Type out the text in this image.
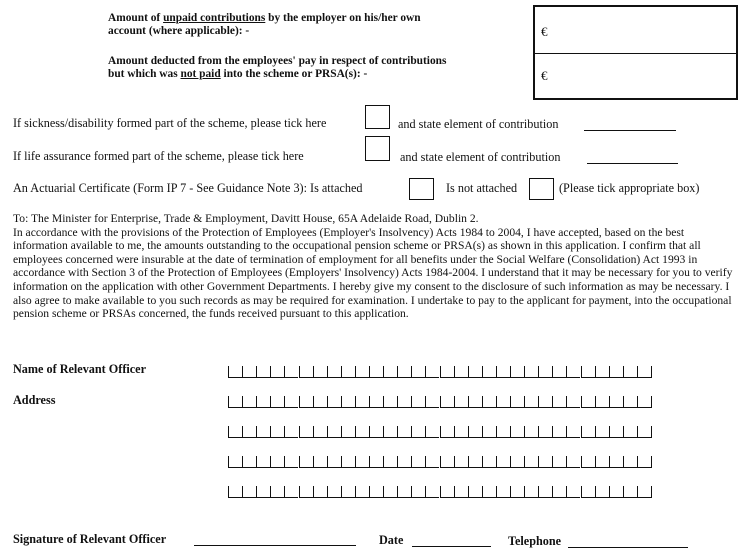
Amount of unpaid contributions by the employer on his/her own
account (where applicable): -
Amount deducted from the employees' pay in respect of contributions
but which was not paid into the scheme or PRSA(s): -
€
€
If sickness/disability formed part of the scheme, please tick here	and state element of contribution
If life assurance formed part of the scheme, please tick here	and state element of contribution
An Actuarial Certificate (Form IP 7 - See Guidance Note 3): Is attached	Is not attached	(Please tick appropriate box)
To: The Minister for Enterprise, Trade & Employment, Davitt House, 65A Adelaide Road, Dublin 2.
In accordance with the provisions of the Protection of Employees (Employer's Insolvency) Acts 1984 to 2004, I have accepted, based on the best information available to me, the amounts outstanding to the occupational pension scheme or PRSA(s) as shown in this application. I confirm that all employees concerned were insurable at the date of termination of employment for all benefits under the Social Welfare (Consolidation) Act 1993 in accordance with Section 3 of the Protection of Employees (Employers' Insolvency) Acts 1984-2004. I understand that it may be necessary for you to verify information on the application with other Government Departments. I hereby give my consent to the disclosure of such information as may be necessary. I also agree to make available to you such records as may be required for examination. I undertake to pay to the applicant for payment, into the occupational pension scheme or PRSAs concerned, the funds received pursuant to this application.
Name of Relevant Officer
Address
Signature of Relevant Officer	Date	Telephone
